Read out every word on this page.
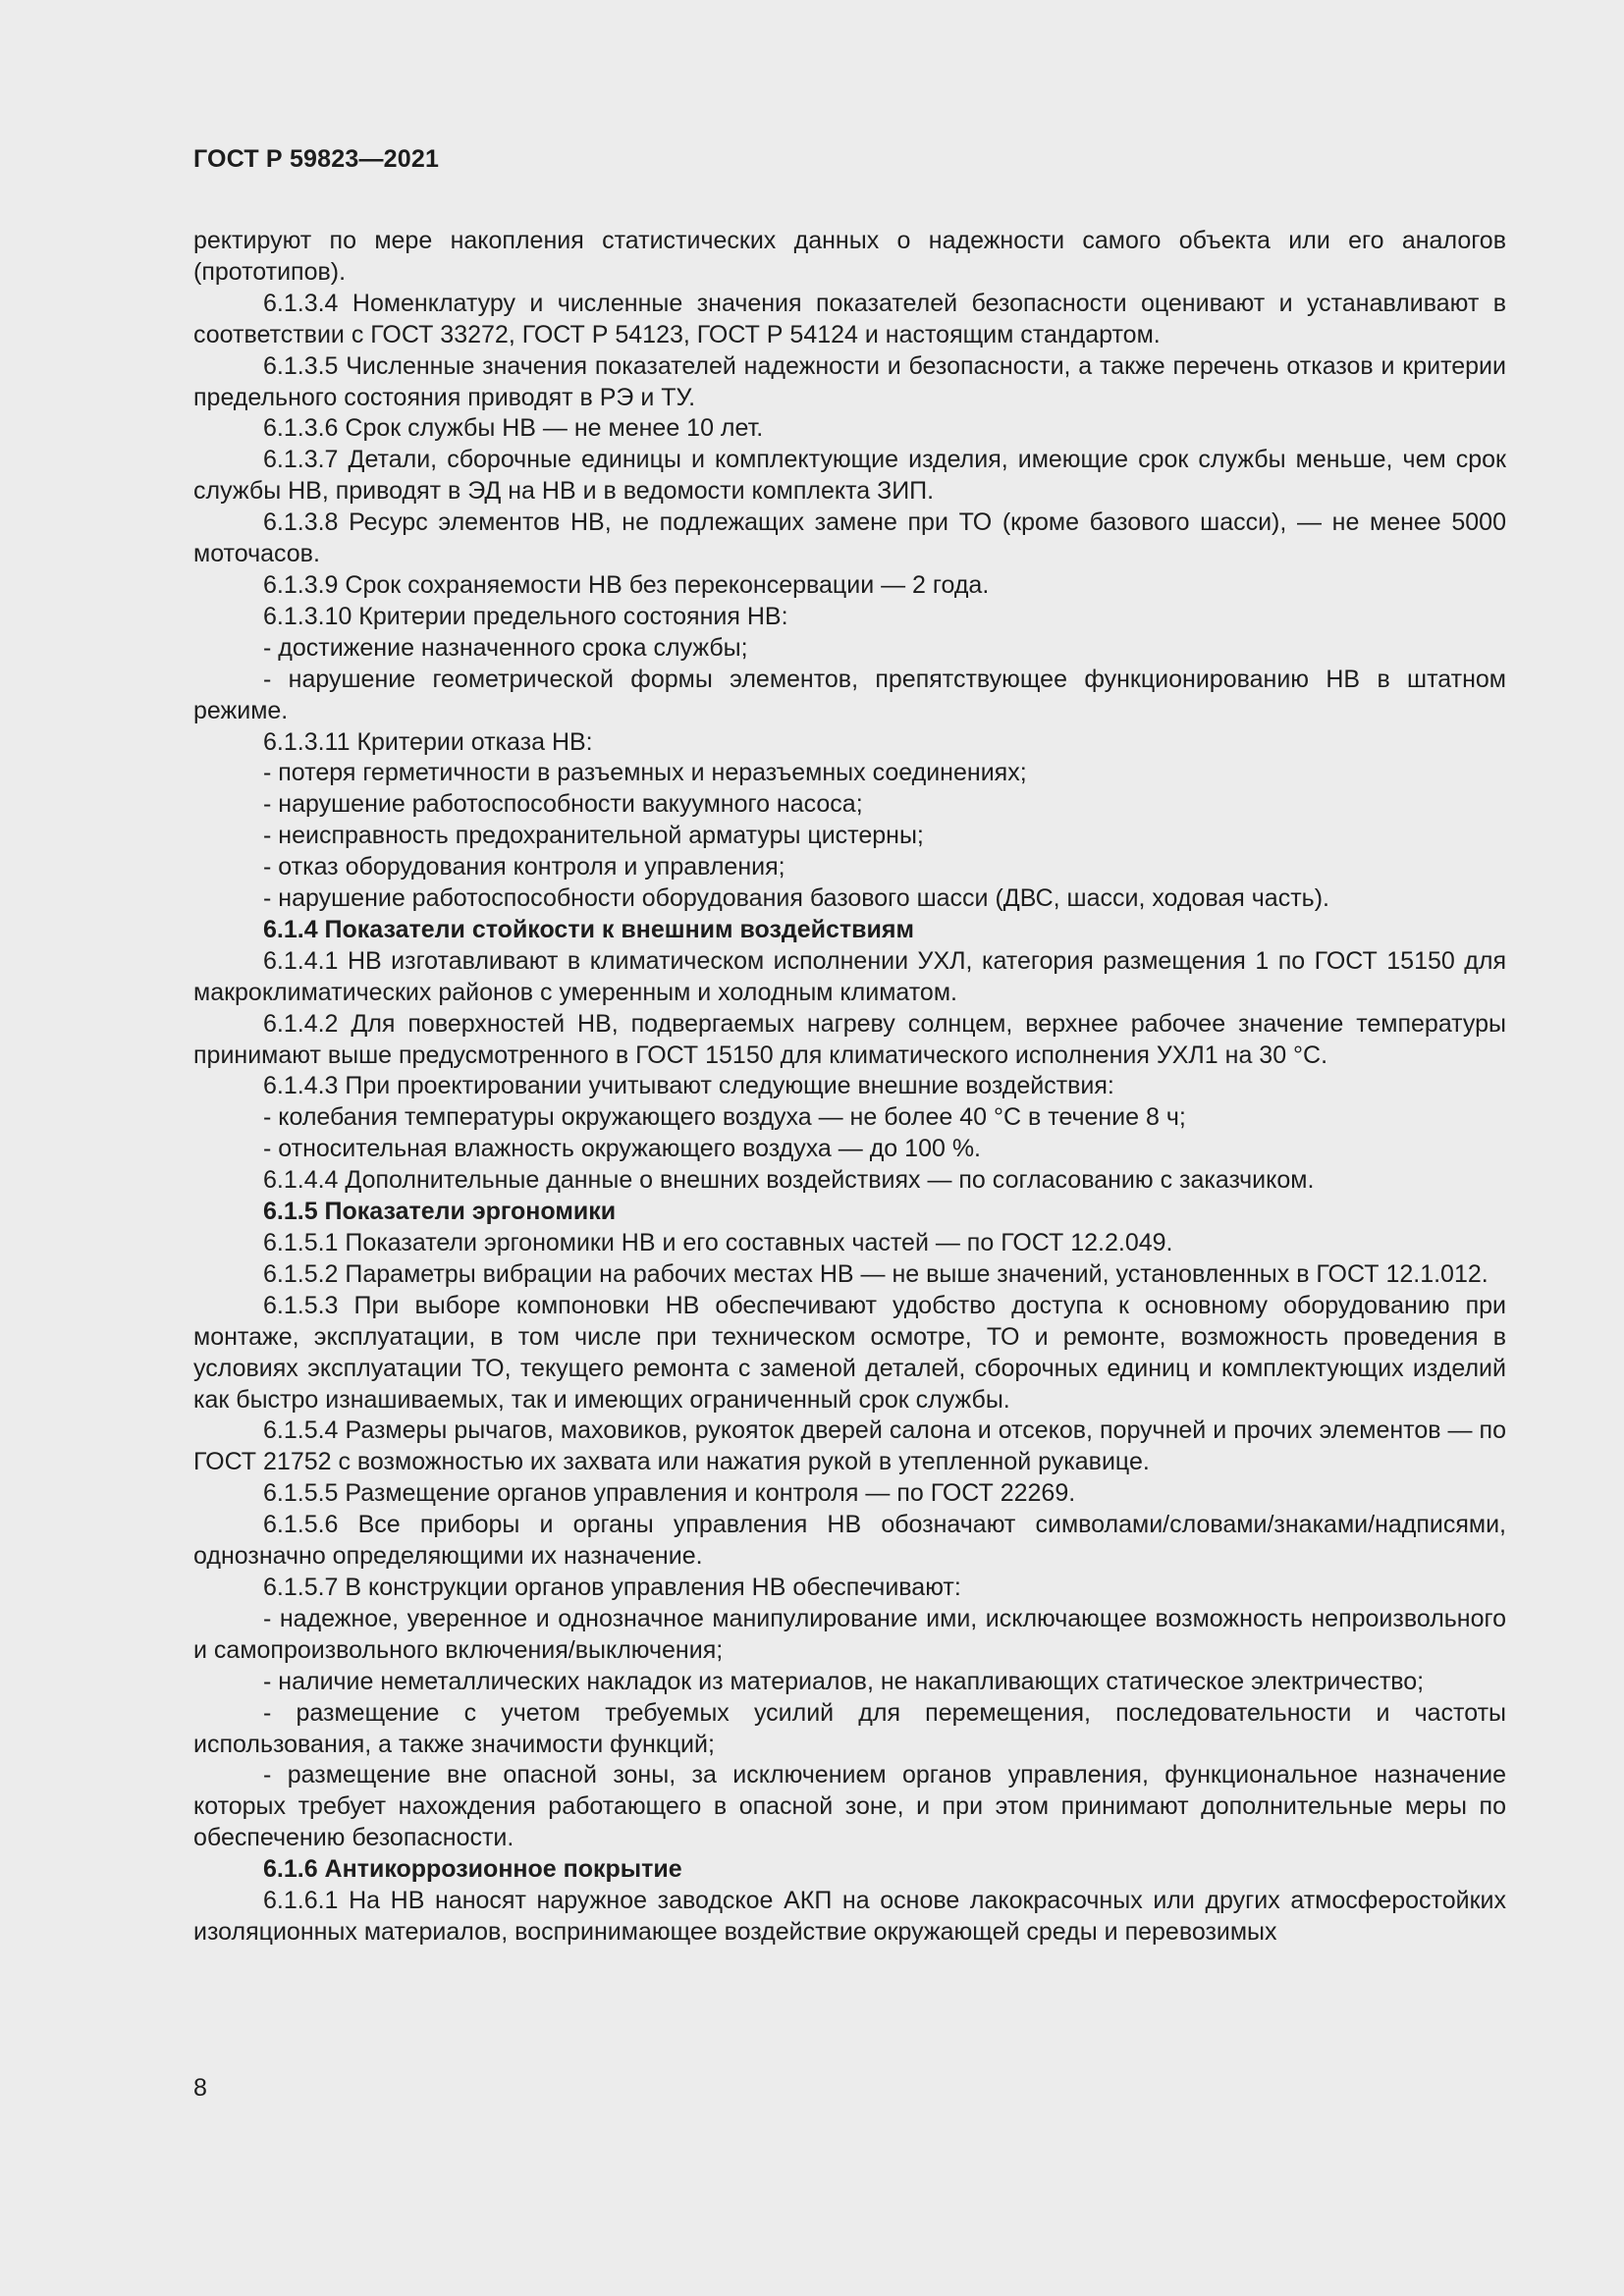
ГОСТ Р 59823—2021

ректируют по мере накопления статистических данных о надежности самого объекта или его аналогов (прототипов).

6.1.3.4 Номенклатуру и численные значения показателей безопасности оценивают и устанавливают в соответствии с ГОСТ 33272, ГОСТ Р 54123, ГОСТ Р 54124 и настоящим стандартом.

6.1.3.5 Численные значения показателей надежности и безопасности, а также перечень отказов и критерии предельного состояния приводят в РЭ и ТУ.

6.1.3.6 Срок службы НВ — не менее 10 лет.

6.1.3.7 Детали, сборочные единицы и комплектующие изделия, имеющие срок службы меньше, чем срок службы НВ, приводят в ЭД на НВ и в ведомости комплекта ЗИП.

6.1.3.8 Ресурс элементов НВ, не подлежащих замене при ТО (кроме базового шасси), — не менее 5000 моточасов.

6.1.3.9 Срок сохраняемости НВ без переконсервации — 2 года.

6.1.3.10 Критерии предельного состояния НВ:

- достижение назначенного срока службы;

- нарушение геометрической формы элементов, препятствующее функционированию НВ в штатном режиме.

6.1.3.11 Критерии отказа НВ:

- потеря герметичности в разъемных и неразъемных соединениях;

- нарушение работоспособности вакуумного насоса;

- неисправность предохранительной арматуры цистерны;

- отказ оборудования контроля и управления;

- нарушение работоспособности оборудования базового шасси (ДВС, шасси, ходовая часть).

6.1.4 Показатели стойкости к внешним воздействиям

6.1.4.1 НВ изготавливают в климатическом исполнении УХЛ, категория размещения 1 по ГОСТ 15150 для макроклиматических районов с умеренным и холодным климатом.

6.1.4.2 Для поверхностей НВ, подвергаемых нагреву солнцем, верхнее рабочее значение температуры принимают выше предусмотренного в ГОСТ 15150 для климатического исполнения УХЛ1 на 30 °С.

6.1.4.3 При проектировании учитывают следующие внешние воздействия:

- колебания температуры окружающего воздуха — не более 40 °С в течение 8 ч;

- относительная влажность окружающего воздуха — до 100 %.

6.1.4.4 Дополнительные данные о внешних воздействиях — по согласованию с заказчиком.

6.1.5 Показатели эргономики

6.1.5.1 Показатели эргономики НВ и его составных частей — по ГОСТ 12.2.049.

6.1.5.2 Параметры вибрации на рабочих местах НВ — не выше значений, установленных в ГОСТ 12.1.012.

6.1.5.3 При выборе компоновки НВ обеспечивают удобство доступа к основному оборудованию при монтаже, эксплуатации, в том числе при техническом осмотре, ТО и ремонте, возможность проведения в условиях эксплуатации ТО, текущего ремонта с заменой деталей, сборочных единиц и комплектующих изделий как быстро изнашиваемых, так и имеющих ограниченный срок службы.

6.1.5.4 Размеры рычагов, маховиков, рукояток дверей салона и отсеков, поручней и прочих элементов — по ГОСТ 21752 с возможностью их захвата или нажатия рукой в утепленной рукавице.

6.1.5.5 Размещение органов управления и контроля — по ГОСТ 22269.

6.1.5.6 Все приборы и органы управления НВ обозначают символами/словами/знаками/надписями, однозначно определяющими их назначение.

6.1.5.7 В конструкции органов управления НВ обеспечивают:

- надежное, уверенное и однозначное манипулирование ими, исключающее возможность непроизвольного и самопроизвольного включения/выключения;

- наличие неметаллических накладок из материалов, не накапливающих статическое электричество;

- размещение с учетом требуемых усилий для перемещения, последовательности и частоты использования, а также значимости функций;

- размещение вне опасной зоны, за исключением органов управления, функциональное назначение которых требует нахождения работающего в опасной зоне, и при этом принимают дополнительные меры по обеспечению безопасности.

6.1.6 Антикоррозионное покрытие

6.1.6.1 На НВ наносят наружное заводское АКП на основе лакокрасочных или других атмосферостойких изоляционных материалов, воспринимающее воздействие окружающей среды и перевозимых

8
